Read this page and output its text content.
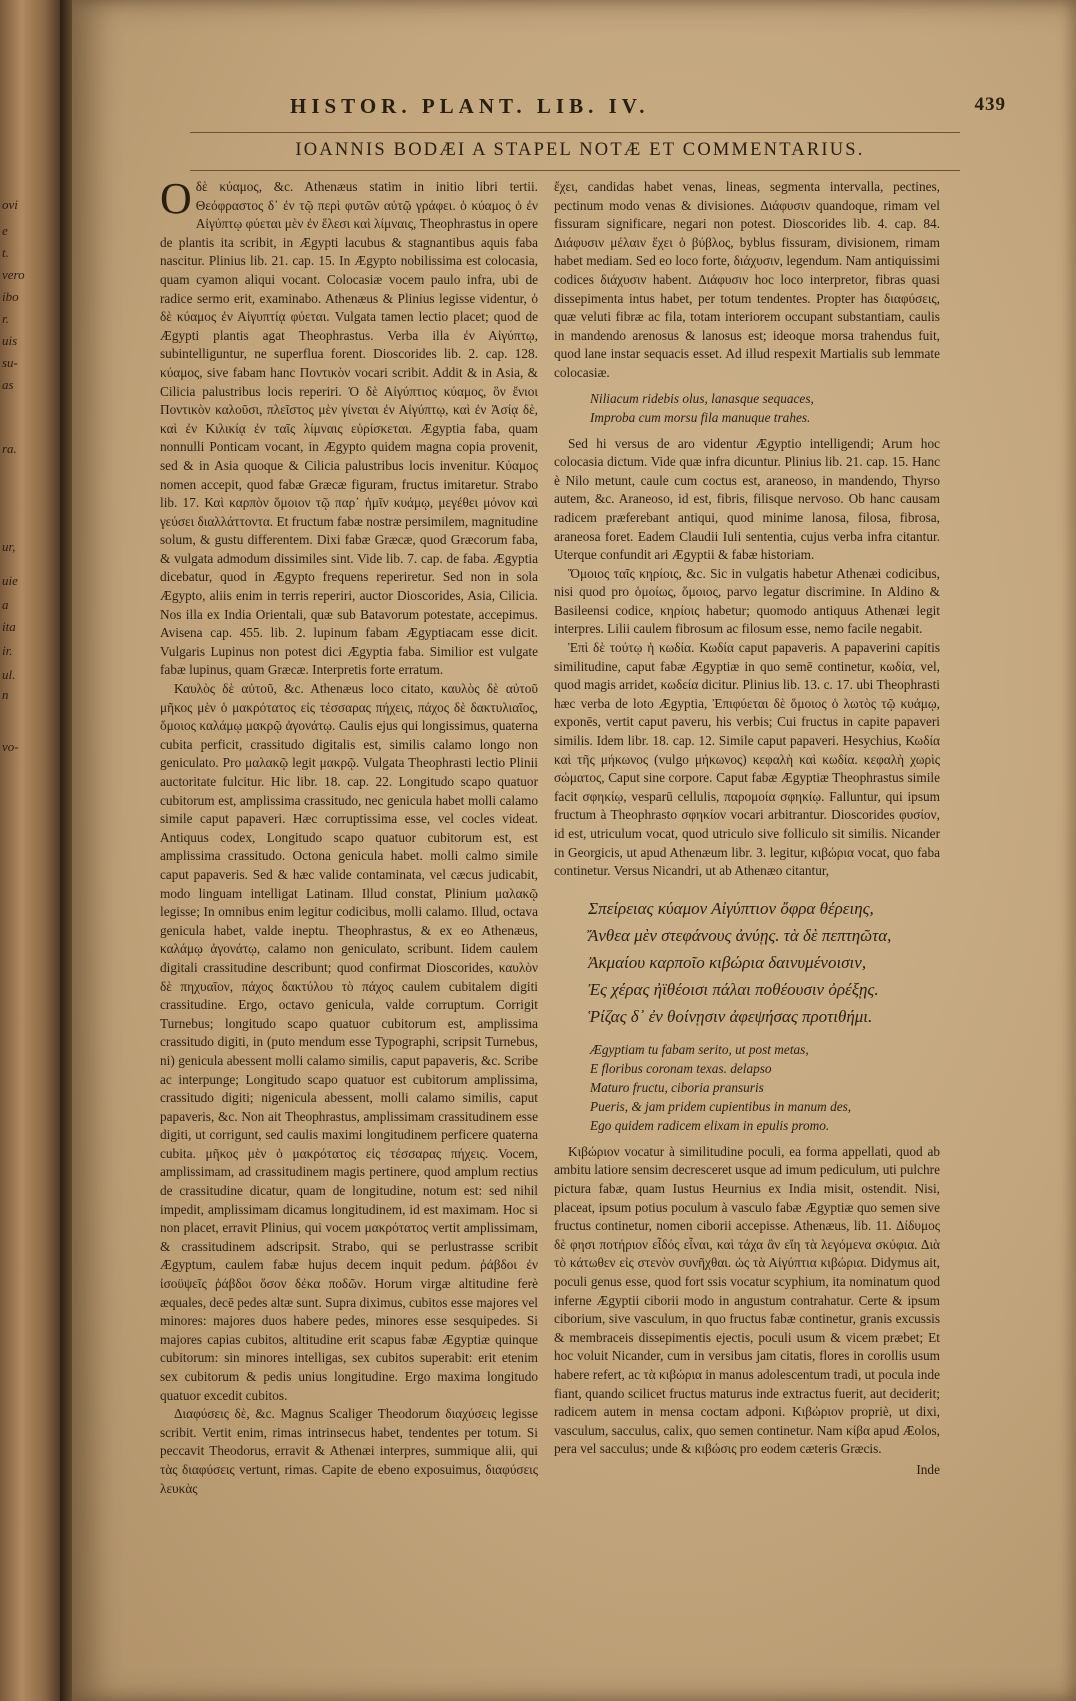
ovi
e
t.
vero
ibo
r.
uis
su-
as
ra.
ur,
uie
a
ita
ir.
ul.
n
vo-
HISTOR. PLANT. LIB. IV.	439
IOANNIS BODÆI A STAPEL NOTÆ ET COMMENTARIUS.

Oδὲ κύαμος, &c. Athenæus statim in initio libri tertii. Θεόφραστος δ᾽ ἐν τῷ περὶ φυτῶν αὐτῷ γράφει. ὁ κύαμος ὁ ἐν Αἰγύπτῳ φύεται μὲν ἐν ἕλεσι καὶ λίμναις, Theophrastus in opere de plantis ita scribit, in Ægypti lacubus & stagnantibus aquis faba nascitur. Plinius lib. 21. cap. 15. In Ægypto nobilissima est colocasia, quam cyamon aliqui vocant. Colocasiæ vocem paulo infra, ubi de radice sermo erit, examinabo. Athenæus & Plinius legisse videntur, ὁ δὲ κύαμος ἐν Αἰγυπτίᾳ φύεται. Vulgata tamen lectio placet; quod de Ægypti plantis agat Theophrastus. Verba illa ἐν Αἰγύπτῳ, subintelliguntur, ne superflua forent. Dioscorides lib. 2. cap. 128. κύαμος, sive fabam hanc Ποντικὸν vocari scribit. Addit & in Asia, & Cilicia palustribus locis reperiri. Ὁ δὲ Αἰγύπτιος κύαμος, ὃν ἔνιοι Ποντικὸν καλοῦσι, πλεῖστος μὲν γίνεται ἐν Αἰγύπτῳ, καὶ ἐν Ἀσίᾳ δὲ, καὶ ἐν Κιλικίᾳ ἐν ταῖς λίμναις εὑρίσκεται. Ægyptia faba, quam nonnulli Ponticam vocant, in Ægypto quidem magna copia provenit, sed & in Asia quoque & Cilicia palustribus locis invenitur. Κύαμος nomen accepit, quod fabæ Græcæ figuram, fructus imitaretur. Strabo lib. 17. Καὶ καρπὸν ὅμοιον τῷ παρ᾽ ἡμῖν κυάμῳ, μεγέθει μόνον καὶ γεύσει διαλλάττοντα. Et fructum fabæ nostræ persimilem, magnitudine solum, & gustu differentem. Dixi fabæ Græcæ, quod Græcorum faba, & vulgata admodum dissimiles sint. Vide lib. 7. cap. de faba. Ægyptia dicebatur, quod in Ægypto frequens reperiretur. Sed non in sola Ægypto, aliis enim in terris reperiri, auctor Dioscorides, Asia, Cilicia. Nos illa ex India Orientali, quæ sub Batavorum potestate, accepimus. Avisena cap. 455. lib. 2. lupinum fabam Ægyptiacam esse dicit. Vulgaris Lupinus non potest dici Ægyptia faba. Similior est vulgate fabæ lupinus, quam Græcæ. Interpretis forte erratum.

Καυλὸς δὲ αὐτοῦ, &c. Athenæus loco citato, καυλὸς δὲ αὐτοῦ μῆκος μὲν ὁ μακρότατος εἰς τέσσαρας πήχεις, πάχος δὲ δακτυλιαῖος, ὅμοιος καλάμῳ μακρῷ ἀγονάτῳ. Caulis ejus qui longissimus, quaterna cubita perficit, crassitudo digitalis est, similis calamo longo non geniculato. Pro μαλακῷ legit μακρῷ. Vulgata Theophrasti lectio Plinii auctoritate fulcitur. Hic libr. 18. cap. 22. Longitudo scapo quatuor cubitorum est, amplissima crassitudo, nec genicula habet molli calamo simile caput papaveri. Hæc corruptissima esse, vel cocles videat. Antiquus codex, Longitudo scapo quatuor cubitorum est, est amplissima crassitudo. Octona genicula habet. molli calmo simile caput papaveris. Sed & hæc valide contaminata, vel cæcus judicabit, modo linguam intelligat Latinam. Illud constat, Plinium μαλακῷ legisse; In omnibus enim legitur codicibus, molli calamo. Illud, octava genicula habet, valde ineptu. Theophrastus, & ex eo Athenæus, καλάμῳ ἀγονάτῳ, calamo non geniculato, scribunt. Iidem caulem digitali crassitudine describunt; quod confirmat Dioscorides, καυλὸν δὲ πηχυαῖον, πάχος δακτύλου τὸ πάχος caulem cubitalem digiti crassitudine. Ergo, octavo genicula, valde corruptum. Corrigit Turnebus; longitudo scapo quatuor cubitorum est, amplissima crassitudo digiti, in (puto mendum esse Typographi, scripsit Turnebus, ni) genicula abessent molli calamo similis, caput papaveris, &c. Scribe ac interpunge; Longitudo scapo quatuor est cubitorum amplissima, crassitudo digiti; nigenicula abessent, molli calamo similis, caput papaveris, &c. Non ait Theophrastus, amplissimam crassitudinem esse digiti, ut corrigunt, sed caulis maximi longitudinem perficere quaterna cubita. μῆκος μὲν ὁ μακρότατος εἰς τέσσαρας πήχεις. Vocem, amplissimam, ad crassitudinem magis pertinere, quod amplum rectius de crassitudine dicatur, quam de longitudine, notum est: sed nihil impedit, amplissimam dicamus longitudinem, id est maximam. Hoc si non placet, erravit Plinius, qui vocem μακρότατος vertit amplissimam, & crassitudinem adscripsit. Strabo, qui se perlustrasse scribit Ægyptum, caulem fabæ hujus decem inquit pedum. ῥάβδοι ἐν ἰσοϋψεῖς ῥάβδοι ὅσον δέκα ποδῶν. Horum virgæ altitudine ferè æquales, decē pedes altæ sunt. Supra diximus, cubitos esse majores vel minores: majores duos habere pedes, minores esse sesquipedes. Si majores capias cubitos, altitudine erit scapus fabæ Ægyptiæ quinque cubitorum: sin minores intelligas, sex cubitos superabit: erit etenim sex cubitorum & pedis unius longitudine. Ergo maxima longitudo quatuor excedit cubitos.

Διαφύσεις δὲ, &c. Magnus Scaliger Theodorum διαχύσεις legisse scribit. Vertit enim, rimas intrinsecus habet, tendentes per totum. Si peccavit Theodorus, erravit & Athenæi interpres, summique alii, qui τὰς διαφύσεις vertunt, rimas. Capite de ebeno exposuimus, διαφύσεις λευκὰς

ἔχει, candidas habet venas, lineas, segmenta intervalla, pectines, pectinum modo venas & divisiones. Διάφυσιν quandoque, rimam vel fissuram significare, negari non potest. Dioscorides lib. 4. cap. 84. Διάφυσιν μέλαιν ἔχει ὁ βύβλος, byblus fissuram, divisionem, rimam habet mediam. Sed eo loco forte, διάχυσιν, legendum. Nam antiquissimi codices διάχυσιν habent. Διάφυσιν hoc loco interpretor, fibras quasi dissepimenta intus habet, per totum tendentes. Propter has διαφύσεις, quæ veluti fibræ ac fila, totam interiorem occupant substantiam, caulis in mandendo arenosus & lanosus est; ideoque morsa trahendus fuit, quod lane instar sequacis esset. Ad illud respexit Martialis sub lemmate colocasiæ.

Niliacum ridebis olus, lanasque sequaces,
Improba cum morsu fila manuque trahes.

Sed hi versus de aro videntur Ægyptio intelligendi; Arum hoc colocasia dictum. Vide quæ infra dicuntur. Plinius lib. 21. cap. 15. Hanc è Nilo metunt, caule cum coctus est, araneoso, in mandendo, Thyrso autem, &c. Araneoso, id est, fibris, filisque nervoso. Ob hanc causam radicem præferebant antiqui, quod minime lanosa, filosa, fibrosa, araneosa foret. Eadem Claudii Iuli sententia, cujus verba infra citantur. Uterque confundit ari Ægyptii & fabæ historiam.

Ὅμοιος ταῖς κηρίοις, &c. Sic in vulgatis habetur Athenæi codicibus, nisi quod pro ὁμοίως, ὅμοιος, parvo legatur discrimine. In Aldino & Basileensi codice, κηρίοις habetur; quomodo antiquus Athenæi legit interpres. Lilii caulem fibrosum ac filosum esse, nemo facile negabit.

Ἐπὶ δὲ τούτῳ ἡ κωδία. Κωδία caput papaveris. A papaverini capitis similitudine, caput fabæ Ægyptiæ in quo semē continetur, κωδία, vel, quod magis arridet, κωδεία dicitur. Plinius lib. 13. c. 17. ubi Theophrasti hæc verba de loto Ægyptia, Ἐπιφύεται δὲ ὅμοιος ὁ λωτὸς τῷ κυάμῳ, exponēs, vertit caput paveru, his verbis; Cui fructus in capite papaveri similis. Idem libr. 18. cap. 12. Simile caput papaveri. Hesychius, Κωδία καὶ τῆς μήκωνος (vulgo μήκωνος) κεφαλὴ καὶ κωδία. κεφαλὴ χωρὶς σώματος, Caput sine corpore. Caput fabæ Ægyptiæ Theophrastus simile facit σφηκίῳ, vesparū cellulis, παρομοία σφηκίῳ. Falluntur, qui ipsum fructum à Theophrasto σφηκίον vocari arbitrantur. Dioscorides φυσίον, id est, utriculum vocat, quod utriculo sive folliculo sit similis. Nicander in Georgicis, ut apud Athenæum libr. 3. legitur, κιβώρια vocat, quo faba continetur. Versus Nicandri, ut ab Athenæo citantur,

Σπείρειας κύαμον Αἰγύπτιον ὄφρα θέρειης,
Ἄνθεα μὲν στεφάνους ἀνύῃς. τὰ δὲ πεπτηῶτα,
Ἀκμαίου καρποῖο κιβώρια δαινυμένοισιν,
Ἐς χέρας ἠϊθέοισι πάλαι ποθέουσιν ὀρέξῃς.
Ῥίζας δ᾽ ἐν θοίνῃσιν ἀφεψήσας προτιθήμι.
Ægyptiam tu fabam serito, ut post metas,
E floribus coronam texas. delapso
Maturo fructu, ciboria pransuris
Pueris, & jam pridem cupientibus in manum des,
Ego quidem radicem elixam in epulis promo.

Κιβώριον vocatur à similitudine poculi, ea forma appellati, quod ab ambitu latiore sensim decresceret usque ad imum pediculum, uti pulchre pictura fabæ, quam Iustus Heurnius ex India misit, ostendit. Nisi, placeat, ipsum potius poculum à vasculo fabæ Ægyptiæ quo semen sive fructus continetur, nomen ciborii accepisse. Athenæus, lib. 11. Δίδυμος δὲ φησι ποτήριον εἶδός εἶναι, καὶ τάχα ἂν εἴη τὰ λεγόμενα σκύφια. Διὰ τὸ κάτωθεν εἰς στενὸν συνῆχθαι. ὡς τὰ Αἰγύπτια κιβώρια. Didymus ait, poculi genus esse, quod fort ssis vocatur scyphium, ita nominatum quod inferne Ægyptii ciborii modo in angustum contrahatur. Certe & ipsum ciborium, sive vasculum, in quo fructus fabæ continetur, granis excussis & membraceis dissepimentis ejectis, poculi usum & vicem præbet; Et hoc voluit Nicander, cum in versibus jam citatis, flores in corollis usum habere refert, ac τὰ κιβώρια in manus adolescentum tradi, ut pocula inde fiant, quando scilicet fructus maturus inde extractus fuerit, aut deciderit; radicem autem in mensa coctam adponi. Κιβώριον propriè, ut dixi, vasculum, sacculus, calix, quo semen continetur. Nam κίβα apud Æolos, pera vel sacculus; unde & κιβώσις pro eodem cæteris Græcis.

Inde
